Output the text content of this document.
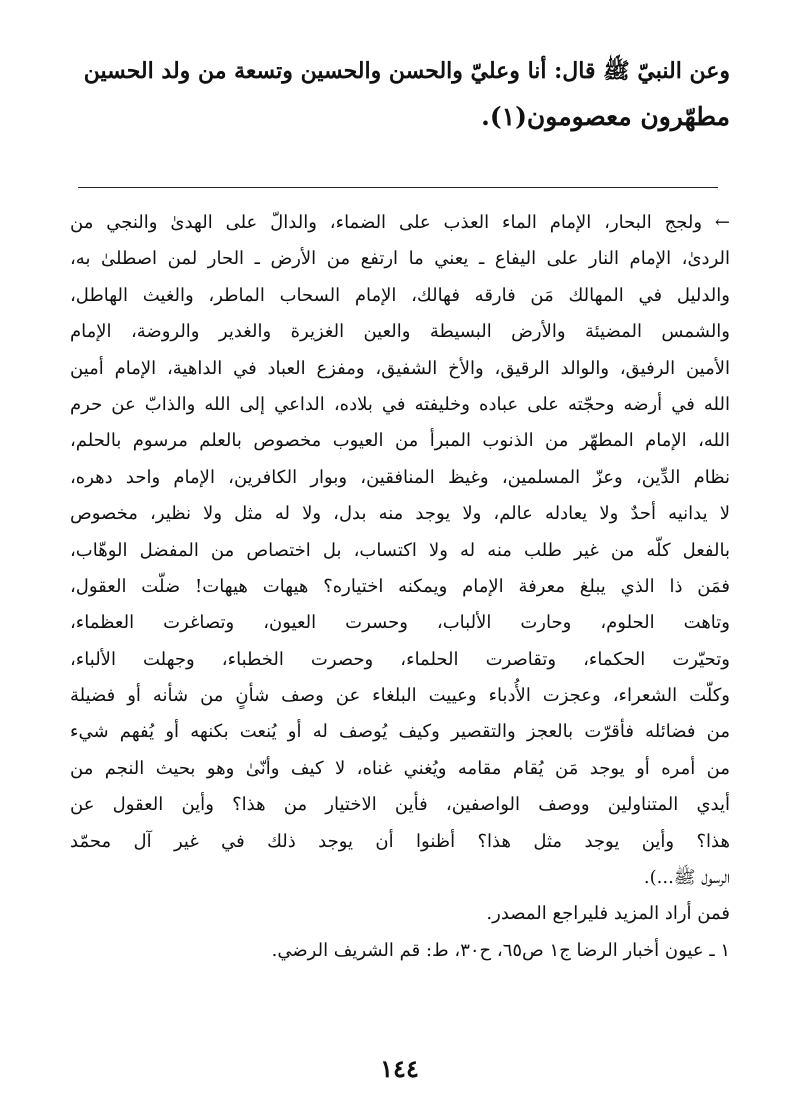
وعن النبيّ ﷺ قال: أنا وعليّ والحسن والحسين وتسعة من ولد الحسين
مطهّرون معصومون(١).
← ولجج البحار، الإمام الماء العذب على الضماء، والدالّ على الهدىٰ والنجي من
الردىٰ، الإمام النار على اليفاع ـ يعني ما ارتفع من الأرض ـ الحار لمن اصطلىٰ به،
والدليل في المهالك مَن فارقه فهالك، الإمام السحاب الماطر، والغيث الهاطل،
والشمس المضيئة والأرض البسيطة والعين الغزيرة والغدير والروضة، الإمام
الأمين الرفيق، والوالد الرقيق، والأخ الشفيق، ومفزع العباد في الداهية، الإمام أمين
الله في أرضه وحجّته على عباده وخليفته في بلاده، الداعي إلى الله والذابّ عن حرم
الله، الإمام المطهّر من الذنوب المبرأ من العيوب مخصوص بالعلم مرسوم بالحلم،
نظام الدِّين، وعزّ المسلمين، وغيظ المنافقين، وبوار الكافرين، الإمام واحد دهره،
لا يدانيه أحدٌ ولا يعادله عالم، ولا يوجد منه بدل، ولا له مثل ولا نظير، مخصوص
بالفعل كلّه من غير طلب منه له ولا اكتساب، بل اختصاص من المفضل الوهّاب،
فمَن ذا الذي يبلغ معرفة الإمام ويمكنه اختياره؟ هيهات هيهات! ضلّت العقول،
وتاهت الحلوم، وحارت الألباب، وحسرت العيون، وتصاغرت العظماء،
وتحيّرت الحكماء، وتقاصرت الحلماء، وحصرت الخطباء، وجهلت الألباء،
وكلّت الشعراء، وعجزت الأُدباء وعييت البلغاء عن وصف شأنٍ من شأنه أو فضيلة
من فضائله فأقرّت بالعجز والتقصير وكيف يُوصف له أو يُنعت بكنهه أو يُفهم شيء
من أمره أو يوجد مَن يُقام مقامه ويُغني غناه، لا كيف وأنّىٰ وهو بحيث النجم من
أيدي المتناولين ووصف الواصفين، فأين الاختيار من هذا؟ وأين العقول عن
هذا؟ وأين يوجد مثل هذا؟ أظنوا أن يوجد ذلك في غير آل محمّد
الرسول ﷺ...).
فمن أراد المزيد فليراجع المصدر.
١ ـ عيون أخبار الرضا ج١ ص٦٥، ح٣٠، ط: قم الشريف الرضي.
١٤٤
